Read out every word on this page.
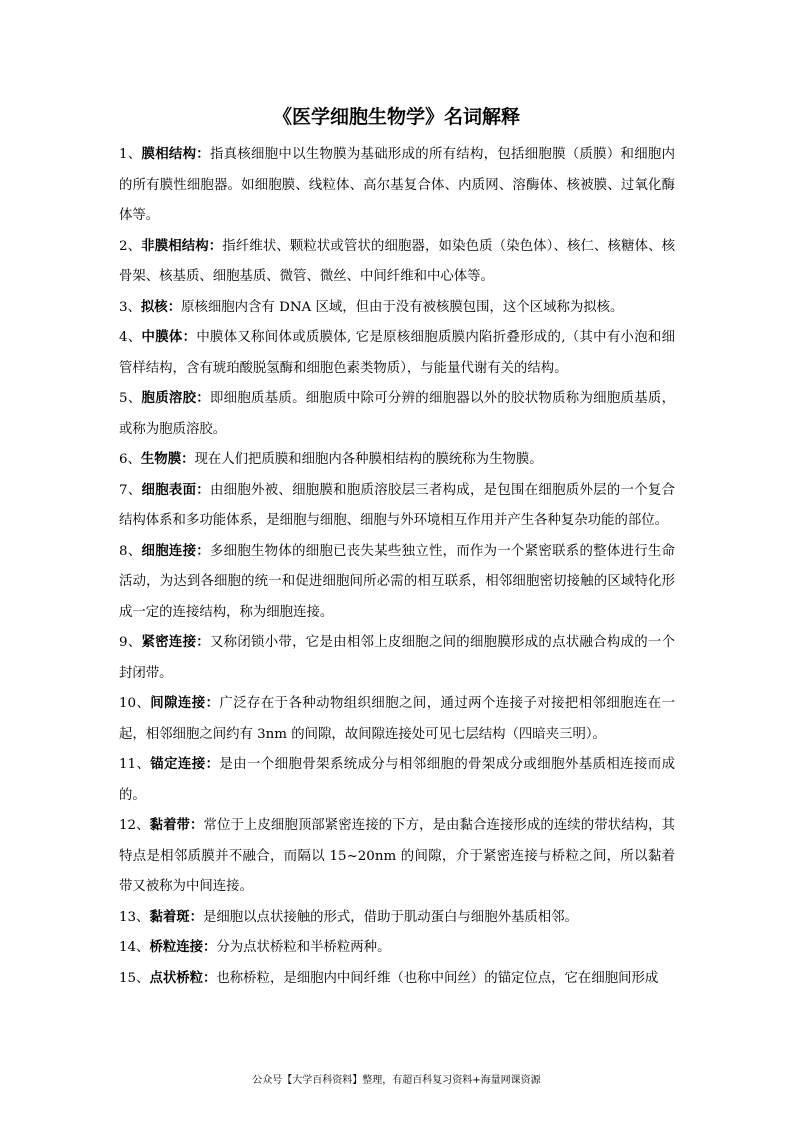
《医学细胞生物学》名词解释

1、膜相结构：指真核细胞中以生物膜为基础形成的所有结构，包括细胞膜（质膜）和细胞内的所有膜性细胞器。如细胞膜、线粒体、高尔基复合体、内质网、溶酶体、核被膜、过氧化酶体等。

2、非膜相结构：指纤维状、颗粒状或管状的细胞器，如染色质（染色体）、核仁、核糖体、核骨架、核基质、细胞基质、微管、微丝、中间纤维和中心体等。

3、拟核：原核细胞内含有 DNA 区域，但由于没有被核膜包围，这个区域称为拟核。

4、中膜体：中膜体又称间体或质膜体, 它是原核细胞质膜内陷折叠形成的,（其中有小泡和细管样结构，含有琥珀酸脱氢酶和细胞色素类物质），与能量代谢有关的结构。

5、胞质溶胶：即细胞质基质。细胞质中除可分辨的细胞器以外的胶状物质称为细胞质基质，或称为胞质溶胶。

6、生物膜：现在人们把质膜和细胞内各种膜相结构的膜统称为生物膜。

7、细胞表面：由细胞外被、细胞膜和胞质溶胶层三者构成，是包围在细胞质外层的一个复合结构体系和多功能体系，是细胞与细胞、细胞与外环境相互作用并产生各种复杂功能的部位。

8、细胞连接：多细胞生物体的细胞已丧失某些独立性，而作为一个紧密联系的整体进行生命活动，为达到各细胞的统一和促进细胞间所必需的相互联系，相邻细胞密切接触的区域特化形成一定的连接结构，称为细胞连接。

9、紧密连接：又称闭锁小带，它是由相邻上皮细胞之间的细胞膜形成的点状融合构成的一个封闭带。

10、间隙连接：广泛存在于各种动物组织细胞之间，通过两个连接子对接把相邻细胞连在一起，相邻细胞之间约有 3nm 的间隙，故间隙连接处可见七层结构（四暗夹三明）。

11、锚定连接：是由一个细胞骨架系统成分与相邻细胞的骨架成分或细胞外基质相连接而成的。

12、黏着带：常位于上皮细胞顶部紧密连接的下方，是由黏合连接形成的连续的带状结构，其特点是相邻质膜并不融合，而隔以 15~20nm 的间隙，介于紧密连接与桥粒之间，所以黏着带又被称为中间连接。

13、黏着斑：是细胞以点状接触的形式，借助于肌动蛋白与细胞外基质相邻。

14、桥粒连接：分为点状桥粒和半桥粒两种。

15、点状桥粒：也称桥粒，是细胞内中间纤维（也称中间丝）的锚定位点，它在细胞间形成

公众号【大学百科资料】整理，有超百科复习资料+海量网课资源
